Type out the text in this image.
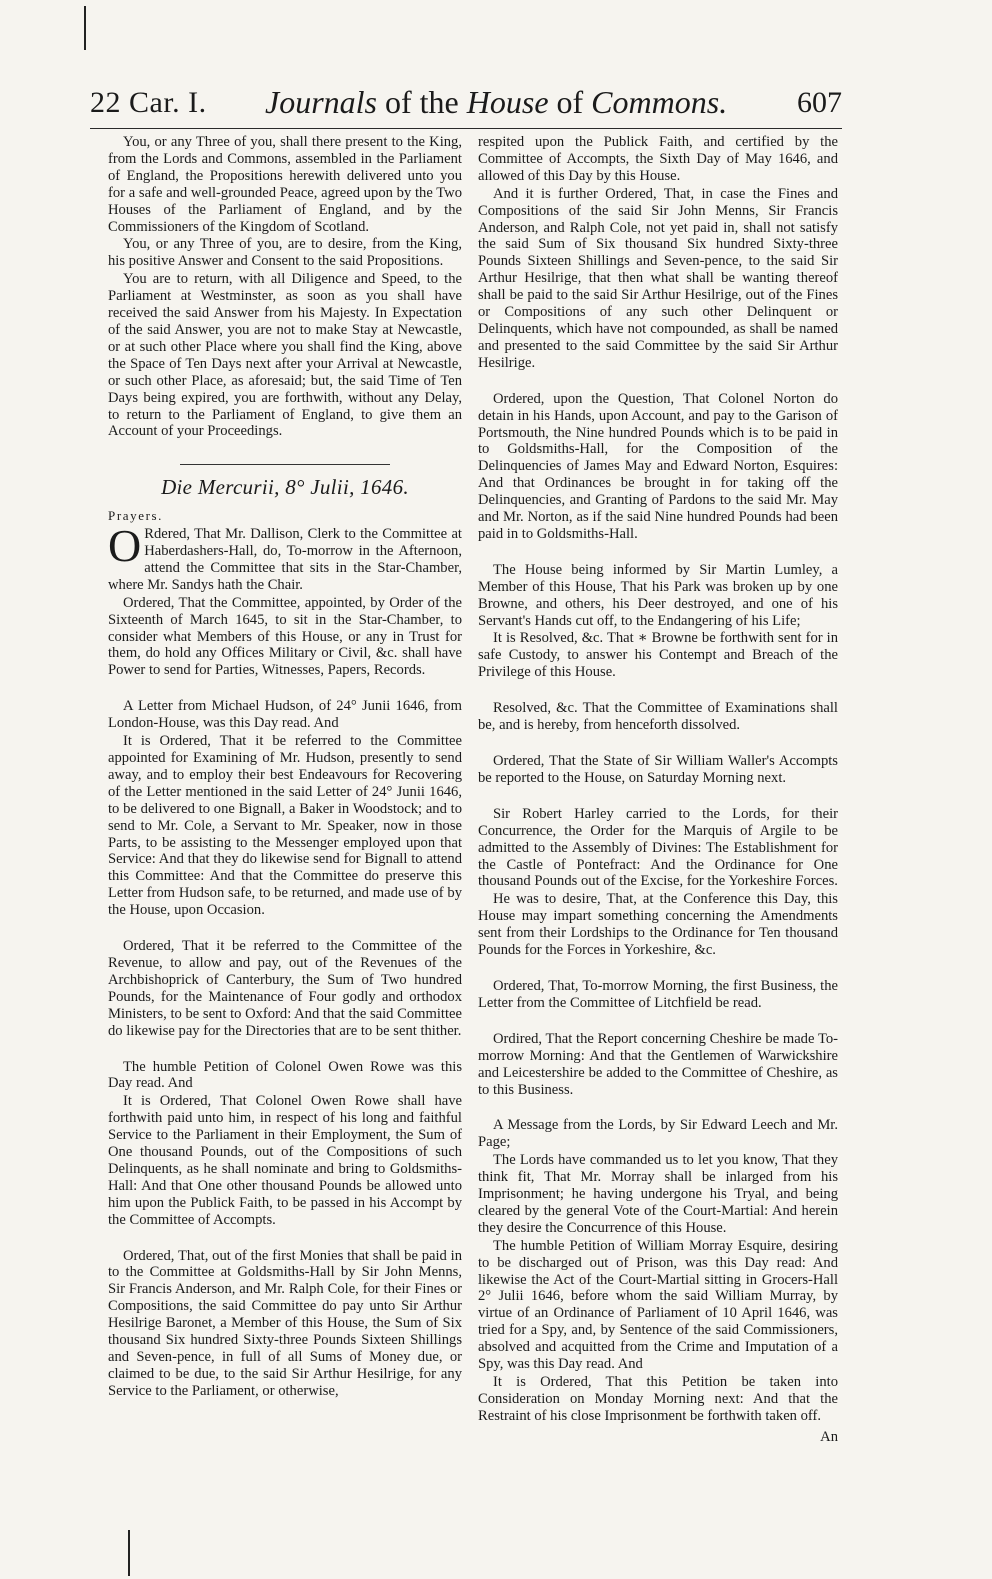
22 Car. I. Journals of the House of Commons. 607

You, or any Three of you, shall there present to the King, from the Lords and Commons, assembled in the Parliament of England, the Propositions herewith delivered unto you for a safe and well-grounded Peace, agreed upon by the Two Houses of the Parliament of England, and by the Commissioners of the Kingdom of Scotland.

You, or any Three of you, are to desire, from the King, his positive Answer and Consent to the said Propositions.

You are to return, with all Diligence and Speed, to the Parliament at Westminster, as soon as you shall have received the said Answer from his Majesty. In Expectation of the said Answer, you are not to make Stay at Newcastle, or at such other Place where you shall find the King, above the Space of Ten Days next after your Arrival at Newcastle, or such other Place, as aforesaid; but, the said Time of Ten Days being expired, you are forthwith, without any Delay, to return to the Parliament of England, to give them an Account of your Proceedings.

Die Mercurii, 8° Julii, 1646.
Prayers.

O Rdered, That Mr. Dallison, Clerk to the Committee at Haberdashers-Hall, do, To-morrow in the Afternoon, attend the Committee that sits in the Star-Chamber, where Mr. Sandys hath the Chair.

Ordered, That the Committee, appointed, by Order of the Sixteenth of March 1645, to sit in the Star-Chamber, to consider what Members of this House, or any in Trust for them, do hold any Offices Military or Civil, &c. shall have Power to send for Parties, Witnesses, Papers, Records.

A Letter from Michael Hudson, of 24° Junii 1646, from London-House, was this Day read. And

It is Ordered, That it be referred to the Committee appointed for Examining of Mr. Hudson, presently to send away, and to employ their best Endeavours for Recovering of the Letter mentioned in the said Letter of 24° Junii 1646, to be delivered to one Bignall, a Baker in Woodstock; and to send to Mr. Cole, a Servant to Mr. Speaker, now in those Parts, to be assisting to the Messenger employed upon that Service: And that they do likewise send for Bignall to attend this Committee: And that the Committee do preserve this Letter from Hudson safe, to be returned, and made use of by the House, upon Occasion.

Ordered, That it be referred to the Committee of the Revenue, to allow and pay, out of the Revenues of the Archbishoprick of Canterbury, the Sum of Two hundred Pounds, for the Maintenance of Four godly and orthodox Ministers, to be sent to Oxford: And that the said Committee do likewise pay for the Directories that are to be sent thither.

The humble Petition of Colonel Owen Rowe was this Day read. And

It is Ordered, That Colonel Owen Rowe shall have forthwith paid unto him, in respect of his long and faithful Service to the Parliament in their Employment, the Sum of One thousand Pounds, out of the Compositions of such Delinquents, as he shall nominate and bring to Goldsmiths-Hall: And that One other thousand Pounds be allowed unto him upon the Publick Faith, to be passed in his Accompt by the Committee of Accompts.

Ordered, That, out of the first Monies that shall be paid in to the Committee at Goldsmiths-Hall by Sir John Menns, Sir Francis Anderson, and Mr. Ralph Cole, for their Fines or Compositions, the said Committee do pay unto Sir Arthur Hesilrige Baronet, a Member of this House, the Sum of Six thousand Six hundred Sixty-three Pounds Sixteen Shillings and Seven-pence, in full of all Sums of Money due, or claimed to be due, to the said Sir Arthur Hesilrige, for any Service to the Parliament, or otherwise,

respited upon the Publick Faith, and certified by the Committee of Accompts, the Sixth Day of May 1646, and allowed of this Day by this House.

And it is further Ordered, That, in case the Fines and Compositions of the said Sir John Menns, Sir Francis Anderson, and Ralph Cole, not yet paid in, shall not satisfy the said Sum of Six thousand Six hundred Sixty-three Pounds Sixteen Shillings and Seven-pence, to the said Sir Arthur Hesilrige, that then what shall be wanting thereof shall be paid to the said Sir Arthur Hesilrige, out of the Fines or Compositions of any such other Delinquent or Delinquents, which have not compounded, as shall be named and presented to the said Committee by the said Sir Arthur Hesilrige.

Ordered, upon the Question, That Colonel Norton do detain in his Hands, upon Account, and pay to the Garison of Portsmouth, the Nine hundred Pounds which is to be paid in to Goldsmiths-Hall, for the Composition of the Delinquencies of James May and Edward Norton, Esquires: And that Ordinances be brought in for taking off the Delinquencies, and Granting of Pardons to the said Mr. May and Mr. Norton, as if the said Nine hundred Pounds had been paid in to Goldsmiths-Hall.

The House being informed by Sir Martin Lumley, a Member of this House, That his Park was broken up by one Browne, and others, his Deer destroyed, and one of his Servant's Hands cut off, to the Endangering of his Life;

It is Resolved, &c. That ∗ Browne be forthwith sent for in safe Custody, to answer his Contempt and Breach of the Privilege of this House.

Resolved, &c. That the Committee of Examinations shall be, and is hereby, from henceforth dissolved.

Ordered, That the State of Sir William Waller's Accompts be reported to the House, on Saturday Morning next.

Sir Robert Harley carried to the Lords, for their Concurrence, the Order for the Marquis of Argile to be admitted to the Assembly of Divines: The Establishment for the Castle of Pontefract: And the Ordinance for One thousand Pounds out of the Excise, for the Yorkeshire Forces.

He was to desire, That, at the Conference this Day, this House may impart something concerning the Amendments sent from their Lordships to the Ordinance for Ten thousand Pounds for the Forces in Yorkeshire, &c.

Ordered, That, To-morrow Morning, the first Business, the Letter from the Committee of Litchfield be read.

Ordired, That the Report concerning Cheshire be made To-morrow Morning: And that the Gentlemen of Warwickshire and Leicestershire be added to the Committee of Cheshire, as to this Business.

A Message from the Lords, by Sir Edward Leech and Mr. Page;

The Lords have commanded us to let you know, That they think fit, That Mr. Morray shall be inlarged from his Imprisonment; he having undergone his Tryal, and being cleared by the general Vote of the Court-Martial: And herein they desire the Concurrence of this House.

The humble Petition of William Morray Esquire, desiring to be discharged out of Prison, was this Day read: And likewise the Act of the Court-Martial sitting in Grocers-Hall 2° Julii 1646, before whom the said William Murray, by virtue of an Ordinance of Parliament of 10 April 1646, was tried for a Spy, and, by Sentence of the said Commissioners, absolved and acquitted from the Crime and Imputation of a Spy, was this Day read. And

It is Ordered, That this Petition be taken into Consideration on Monday Morning next: And that the Restraint of his close Imprisonment be forthwith taken off.

An
